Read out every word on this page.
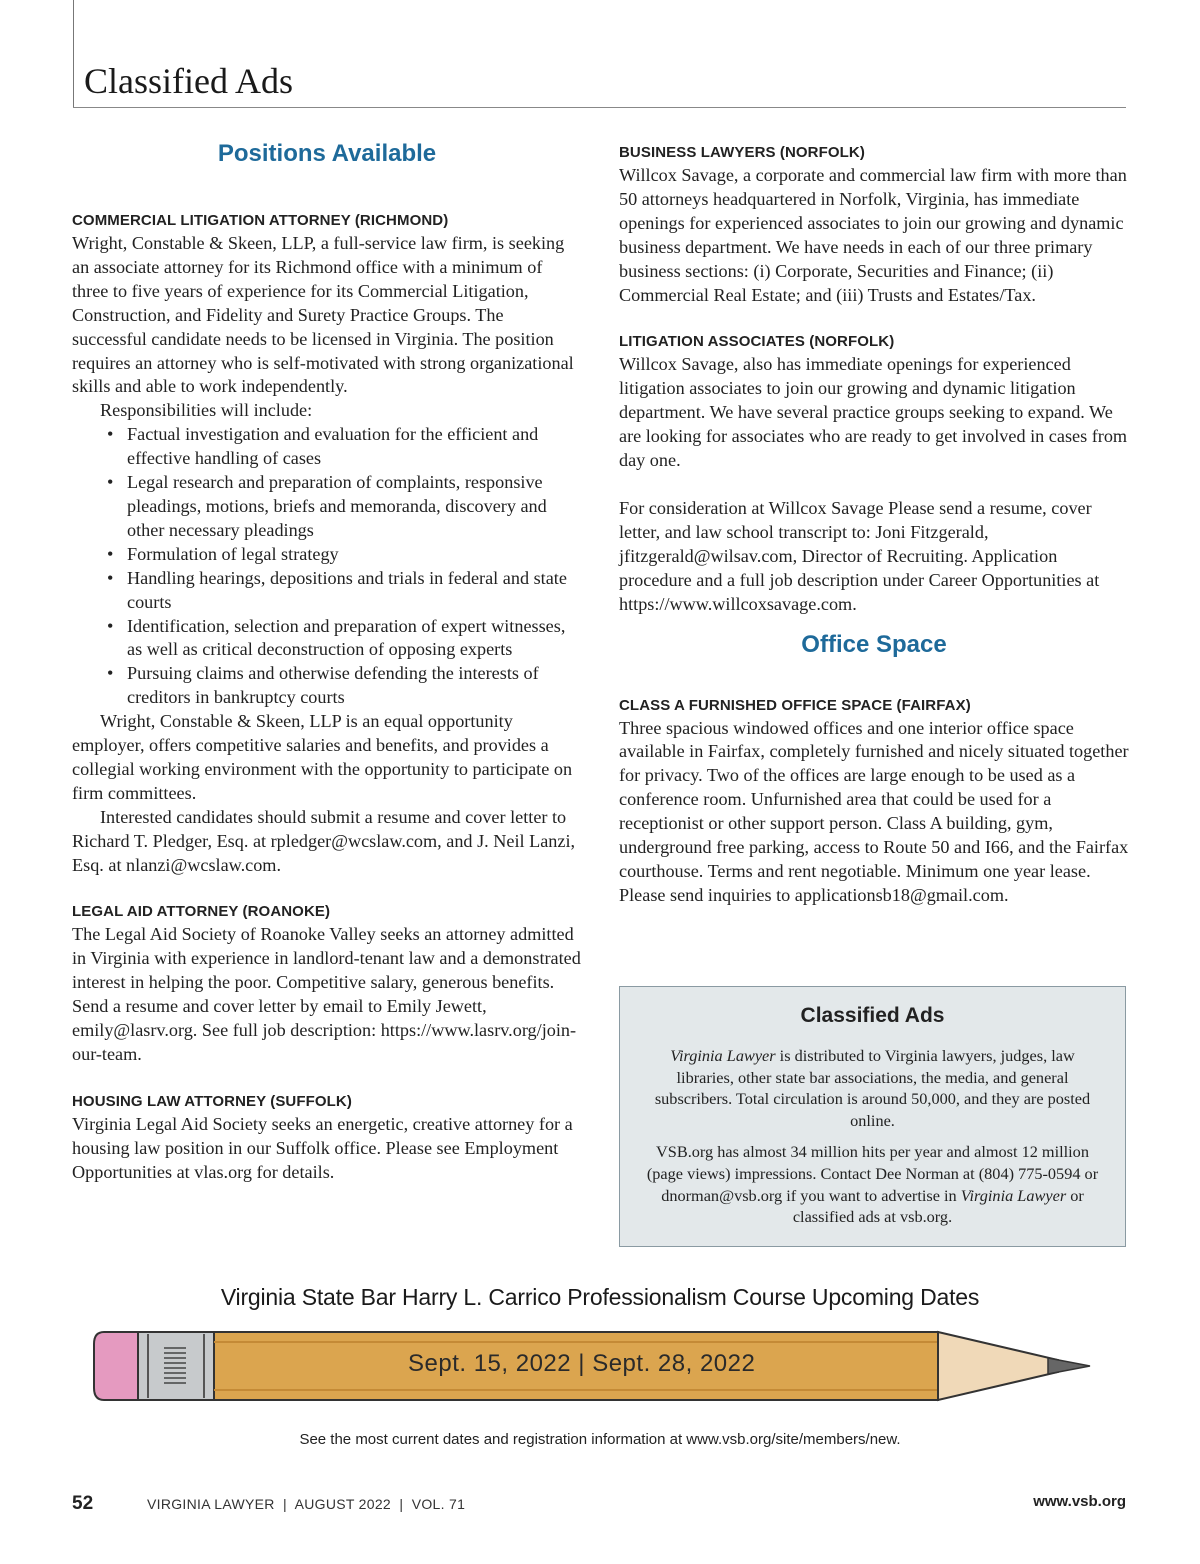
Classified Ads
Positions Available
COMMERCIAL LITIGATION ATTORNEY (RICHMOND)

Wright, Constable & Skeen, LLP, a full-service law firm, is seeking an associate attorney for its Richmond office with a minimum of three to five years of experience for its Commercial Litigation, Construction, and Fidelity and Surety Practice Groups. The successful candidate needs to be licensed in Virginia. The position requires an attorney who is self-motivated with strong organizational skills and able to work independently.

Responsibilities will include:

• Factual investigation and evaluation for the efficient and effective handling of cases
• Legal research and preparation of complaints, responsive pleadings, motions, briefs and memoranda, discovery and other necessary pleadings
• Formulation of legal strategy
• Handling hearings, depositions and trials in federal and state courts
• Identification, selection and preparation of expert witnesses, as well as critical deconstruction of opposing experts
• Pursuing claims and otherwise defending the interests of creditors in bankruptcy courts

Wright, Constable & Skeen, LLP is an equal opportunity employer, offers competitive salaries and benefits, and provides a collegial working environment with the opportunity to participate on firm committees.

Interested candidates should submit a resume and cover letter to Richard T. Pledger, Esq. at rpledger@wcslaw.com, and J. Neil Lanzi, Esq. at nlanzi@wcslaw.com.

LEGAL AID ATTORNEY (ROANOKE)

The Legal Aid Society of Roanoke Valley seeks an attorney admitted in Virginia with experience in landlord-tenant law and a demonstrated interest in helping the poor. Competitive salary, generous benefits. Send a resume and cover letter by email to Emily Jewett, emily@lasrv.org. See full job description: https://www.lasrv.org/join-our-team.

HOUSING LAW ATTORNEY (SUFFOLK)

Virginia Legal Aid Society seeks an energetic, creative attorney for a housing law position in our Suffolk office. Please see Employment Opportunities at vlas.org for details.

BUSINESS LAWYERS (NORFOLK)

Willcox Savage, a corporate and commercial law firm with more than 50 attorneys headquartered in Norfolk, Virginia, has immediate openings for experienced associates to join our growing and dynamic business department. We have needs in each of our three primary business sections: (i) Corporate, Securities and Finance; (ii) Commercial Real Estate; and (iii) Trusts and Estates/Tax.

LITIGATION ASSOCIATES (NORFOLK)

Willcox Savage, also has immediate openings for experienced litigation associates to join our growing and dynamic litigation department. We have several practice groups seeking to expand. We are looking for associates who are ready to get involved in cases from day one.

For consideration at Willcox Savage Please send a resume, cover letter, and law school transcript to: Joni Fitzgerald, jfitzgerald@wilsav.com, Director of Recruiting. Application procedure and a full job description under Career Opportunities at https://www.willcoxsavage.com.

Office Space
CLASS A FURNISHED OFFICE SPACE (FAIRFAX)

Three spacious windowed offices and one interior office space available in Fairfax, completely furnished and nicely situated together for privacy. Two of the offices are large enough to be used as a conference room. Unfurnished area that could be used for a receptionist or other support person. Class A building, gym, underground free parking, access to Route 50 and I66, and the Fairfax courthouse. Terms and rent negotiable. Minimum one year lease. Please send inquiries to applicationsb18@gmail.com.

Classified Ads

Virginia Lawyer is distributed to Virginia lawyers, judges, law libraries, other state bar associations, the media, and general subscribers. Total circulation is around 50,000, and they are posted online.

VSB.org has almost 34 million hits per year and almost 12 million (page views) impressions. Contact Dee Norman at (804) 775-0594 or dnorman@vsb.org if you want to advertise in Virginia Lawyer or classified ads at vsb.org.

Virginia State Bar Harry L. Carrico Professionalism Course Upcoming Dates
Sept. 15, 2022 | Sept. 28, 2022
See the most current dates and registration information at www.vsb.org/site/members/new.
52	VIRGINIA LAWYER  |  AUGUST 2022  |  VOL. 71	www.vsb.org
